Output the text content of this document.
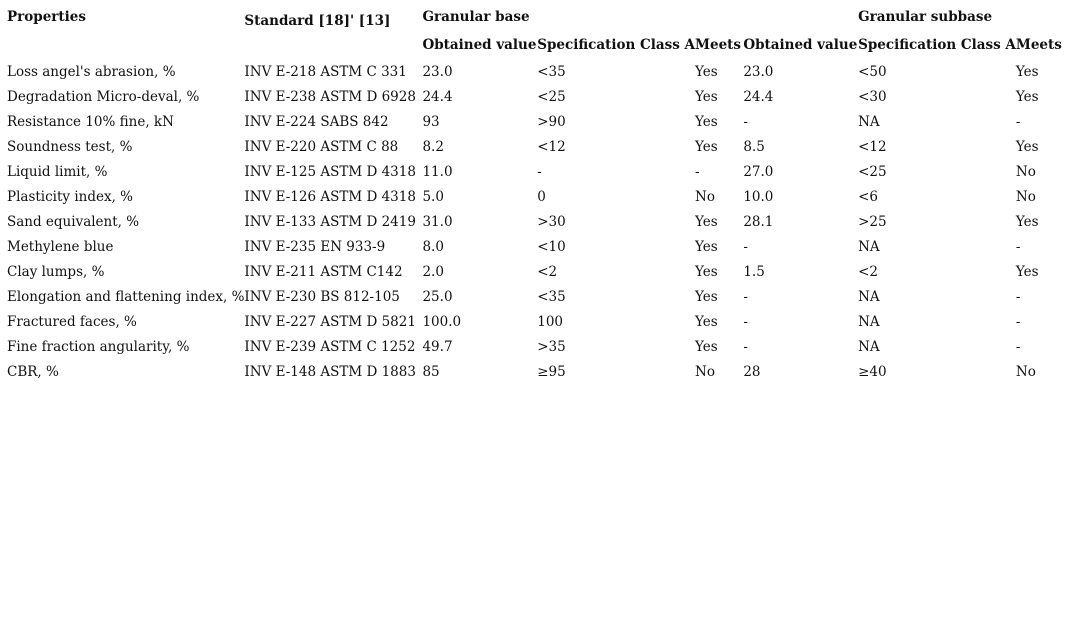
Properties	Standard [18]' [13]	Granular base				Granular subbase	
		Obtained value	Specification Class A	Meets	Obtained value	Specification Class A	Meets
Loss angel's abrasion, %	INV E-218 ASTM C 331	23.0	<35	Yes	23.0	<50	Yes
Degradation Micro-deval, %	INV E-238 ASTM D 6928	24.4	<25	Yes	24.4	<30	Yes
Resistance 10% fine, kN	INV E-224 SABS 842	93	>90	Yes	-	NA	-
Soundness test, %	INV E-220 ASTM C 88	8.2	<12	Yes	8.5	<12	Yes
Liquid limit, %	INV E-125 ASTM D 4318	11.0	-	-	27.0	<25	No
Plasticity index, %	INV E-126 ASTM D 4318	5.0	0	No	10.0	<6	No
Sand equivalent, %	INV E-133 ASTM D 2419	31.0	>30	Yes	28.1	>25	Yes
Methylene blue	INV E-235 EN 933-9	8.0	<10	Yes	-	NA	-
Clay lumps, %	INV E-211 ASTM C142	2.0	<2	Yes	1.5	<2	Yes
Elongation and flattening index, %	INV E-230 BS 812-105	25.0	<35	Yes	-	NA	-
Fractured faces, %	INV E-227 ASTM D 5821	100.0	100	Yes	-	NA	-
Fine fraction angularity, %	INV E-239 ASTM C 1252	49.7	>35	Yes	-	NA	-
CBR, %	INV E-148 ASTM D 1883	85	≥95	No	28	≥40	No
